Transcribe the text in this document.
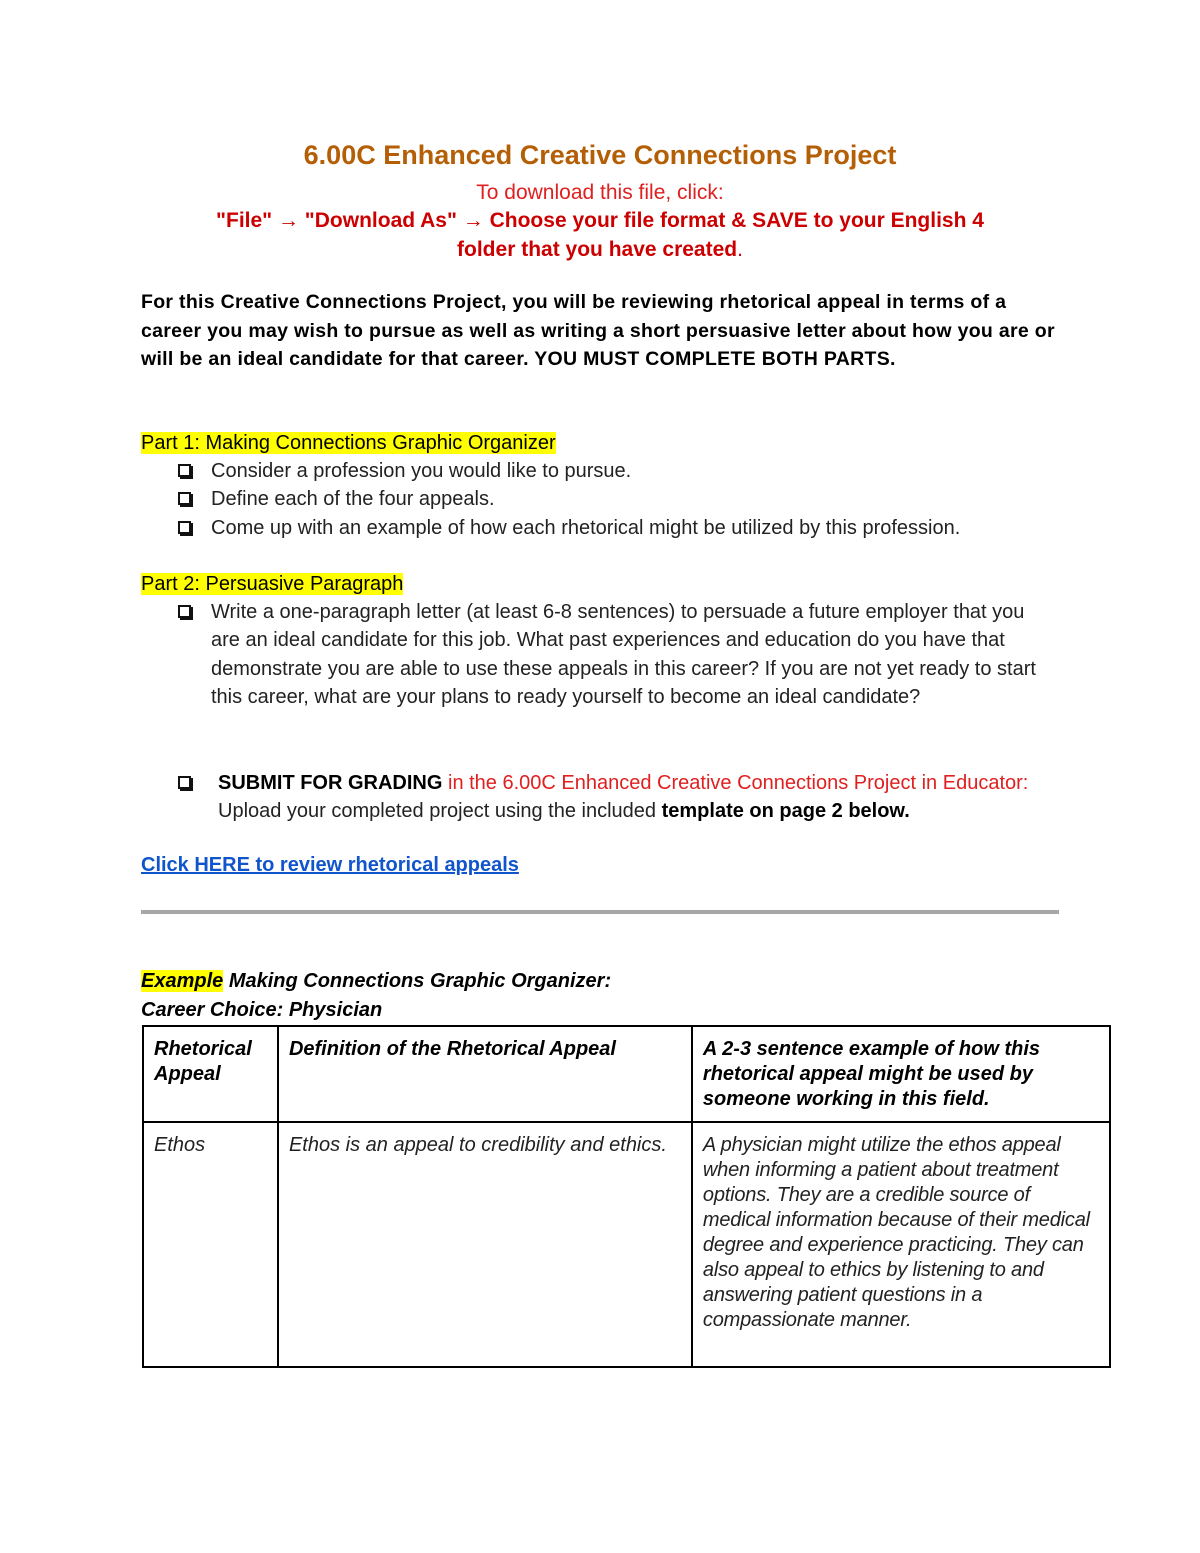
6.00C Enhanced Creative Connections Project
To download this file, click:
"File" → "Download As" → Choose your file format & SAVE to your English 4
folder that you have created.

For this Creative Connections Project, you will be reviewing rhetorical appeal in terms of a career you may wish to pursue as well as writing a short persuasive letter about how you are or will be an ideal candidate for that career. YOU MUST COMPLETE BOTH PARTS.

Part 1: Making Connections Graphic Organizer
Consider a profession you would like to pursue.
Define each of the four appeals.
Come up with an example of how each rhetorical might be utilized by this profession.
Part 2: Persuasive Paragraph
Write a one-paragraph letter (at least 6-8 sentences) to persuade a future employer that you are an ideal candidate for this job. What past experiences and education do you have that demonstrate you are able to use these appeals in this career? If you are not yet ready to start this career, what are your plans to ready yourself to become an ideal candidate?
SUBMIT FOR GRADING in the 6.00C Enhanced Creative Connections Project in Educator: Upload your completed project using the included template on page 2 below.
Click HERE to review rhetorical appeals
Example Making Connections Graphic Organizer:
Career Choice: Physician
Rhetorical Appeal	Definition of the Rhetorical Appeal	A 2-3 sentence example of how this rhetorical appeal might be used by someone working in this field.
Ethos	Ethos is an appeal to credibility and ethics.	A physician might utilize the ethos appeal when informing a patient about treatment options. They are a credible source of medical information because of their medical degree and experience practicing. They can also appeal to ethics by listening to and answering patient questions in a compassionate manner.
